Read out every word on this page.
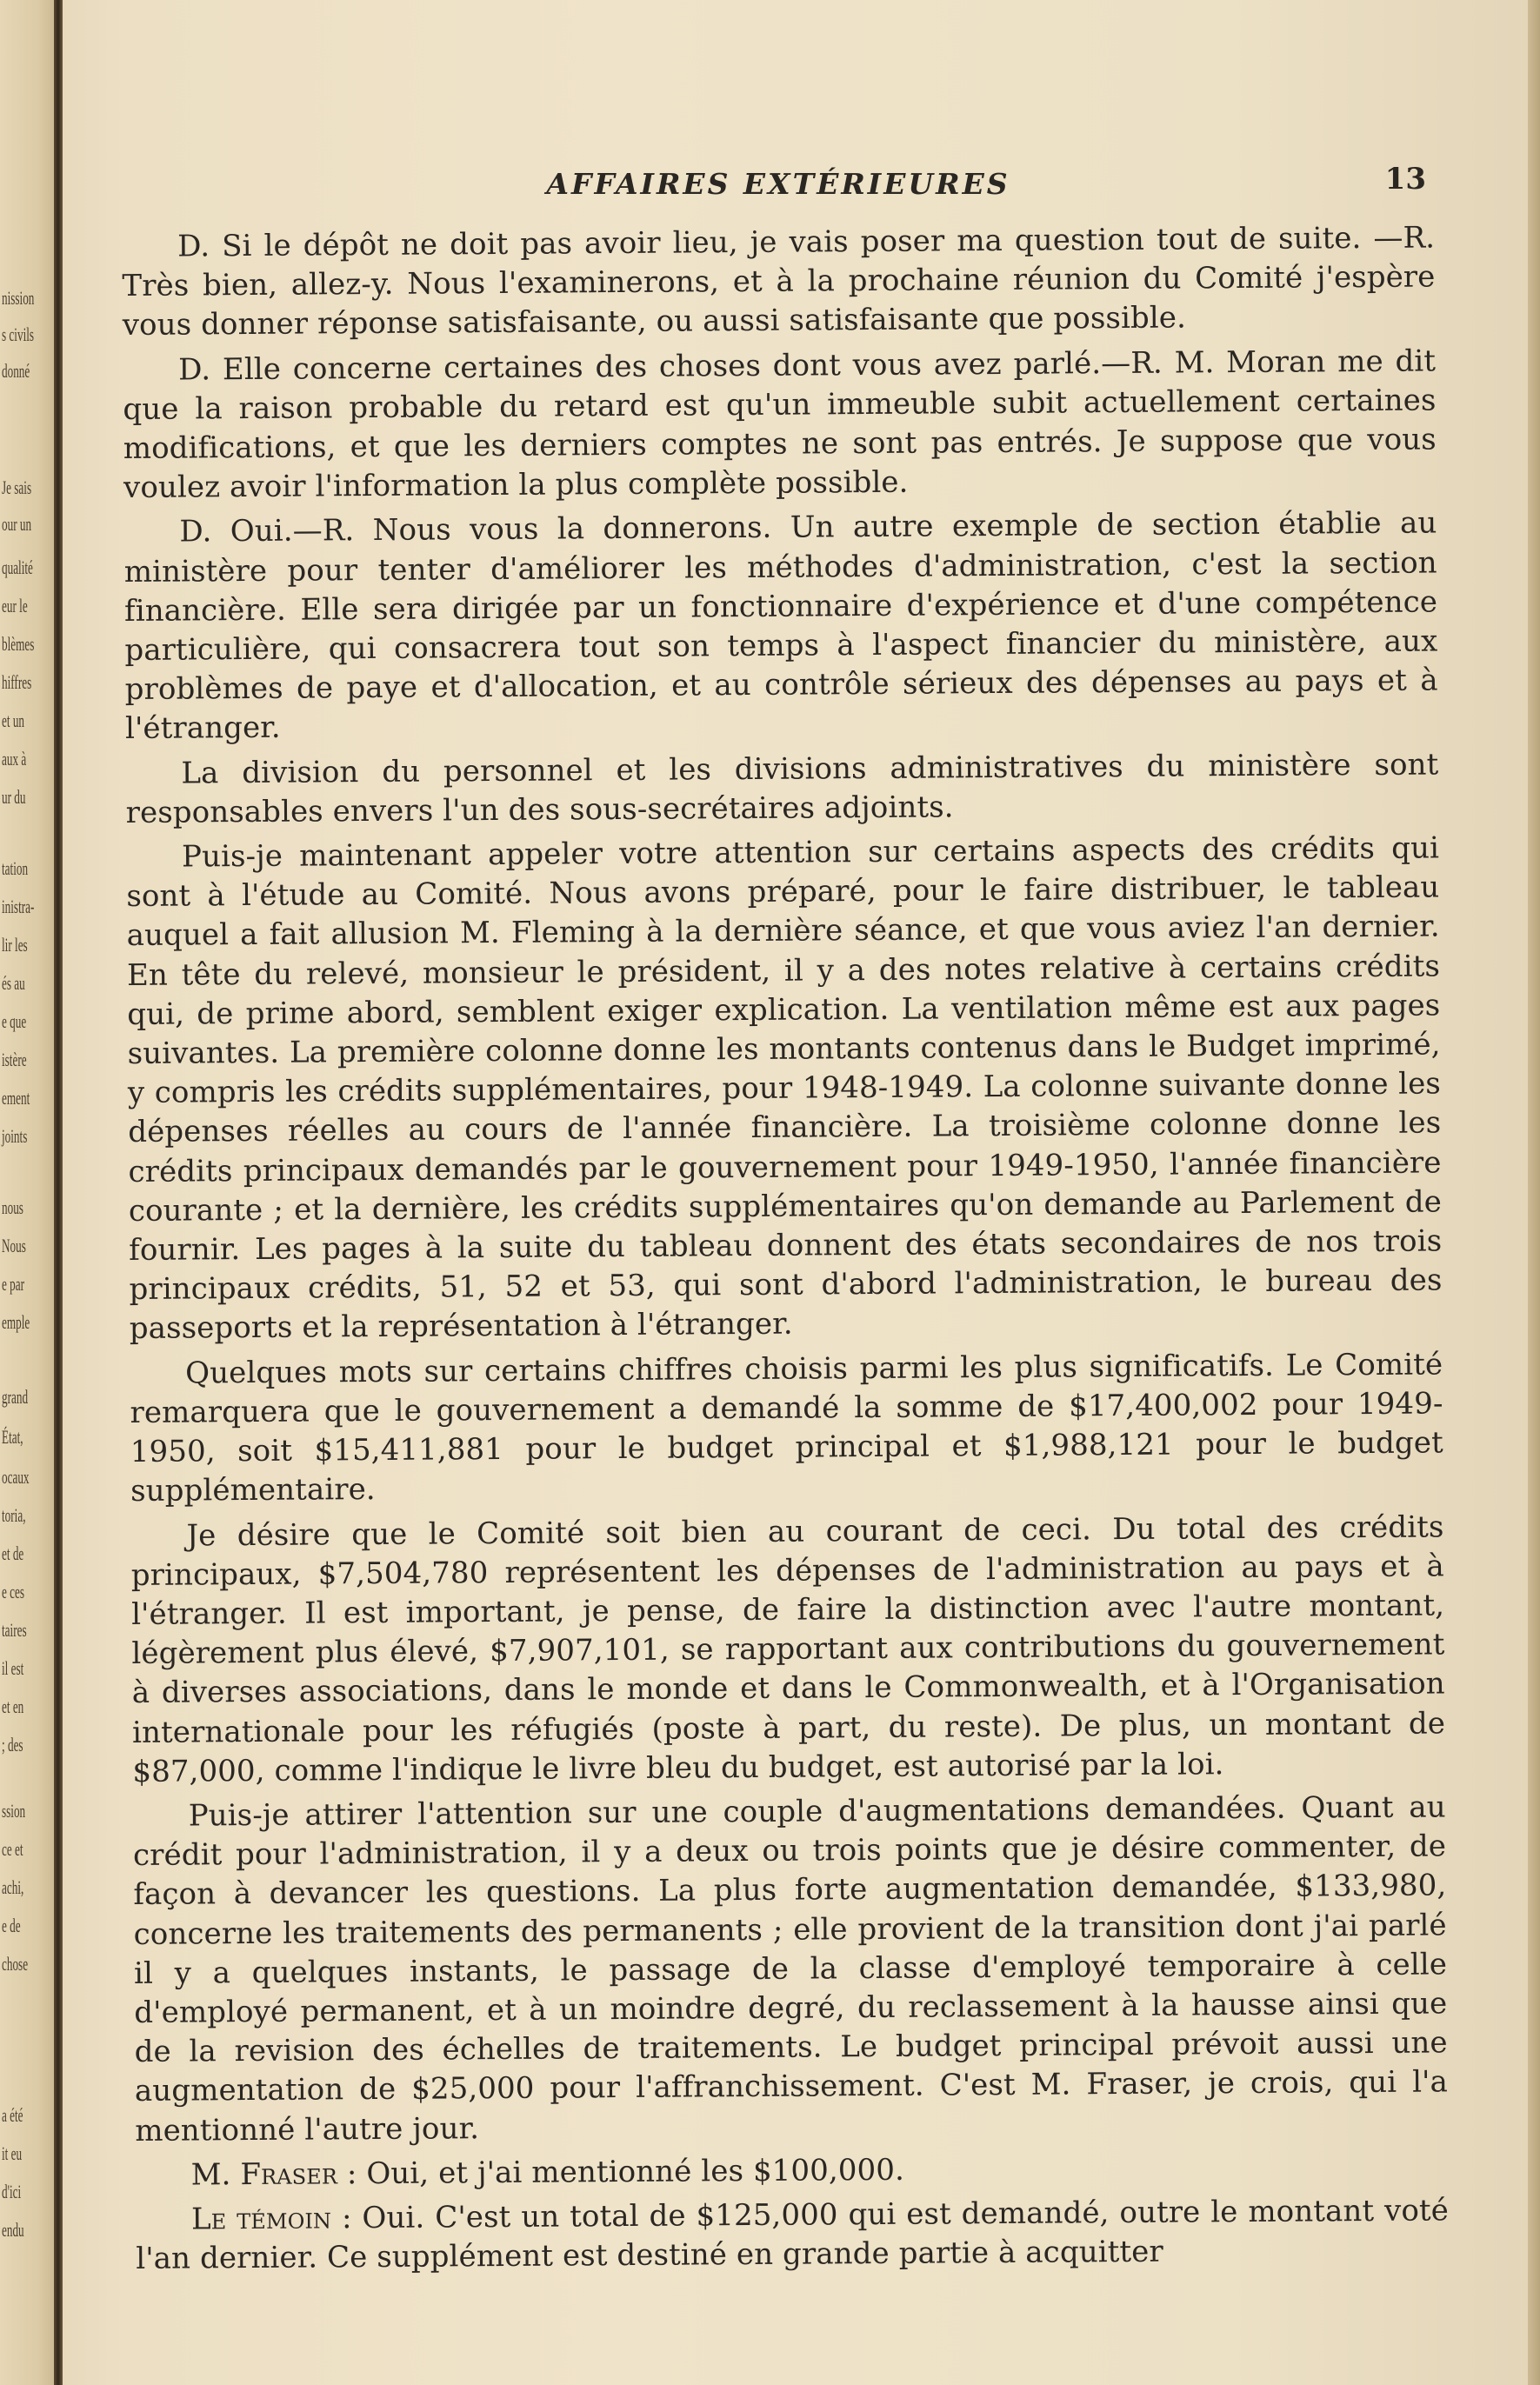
nission
s civils
donné
Je sais
our un
qualité
eur le
blèmes
hiffres
et un
aux à
ur du
tation
inistra-
lir les
és au
e que
istère
ement
joints
nous
Nous
e par
emple
grand
État,
ocaux
toria,
et de
e ces
taires
il est
et en
; des
ssion
ce et
achi,
e de
chose
a été
it eu
d'ici
endu
AFFAIRES EXTÉRIEURES	13

D. Si le dépôt ne doit pas avoir lieu, je vais poser ma question tout de suite. —R. Très bien, allez-y. Nous l'examinerons, et à la prochaine réunion du Comité j'espère vous donner réponse satisfaisante, ou aussi satisfaisante que possible.

D. Elle concerne certaines des choses dont vous avez parlé.—R. M. Moran me dit que la raison probable du retard est qu'un immeuble subit actuellement certaines modifications, et que les derniers comptes ne sont pas entrés. Je suppose que vous voulez avoir l'information la plus complète possible.

D. Oui.—R. Nous vous la donnerons. Un autre exemple de section établie au ministère pour tenter d'améliorer les méthodes d'administration, c'est la section financière. Elle sera dirigée par un fonctionnaire d'expérience et d'une compétence particulière, qui consacrera tout son temps à l'aspect financier du ministère, aux problèmes de paye et d'allocation, et au contrôle sérieux des dépenses au pays et à l'étranger.

La division du personnel et les divisions administratives du ministère sont responsables envers l'un des sous-secrétaires adjoints.

Puis-je maintenant appeler votre attention sur certains aspects des crédits qui sont à l'étude au Comité. Nous avons préparé, pour le faire distribuer, le tableau auquel a fait allusion M. Fleming à la dernière séance, et que vous aviez l'an dernier. En tête du relevé, monsieur le président, il y a des notes relative à certains crédits qui, de prime abord, semblent exiger explication. La ventilation même est aux pages suivantes. La première colonne donne les montants contenus dans le Budget imprimé, y compris les crédits supplémentaires, pour 1948-1949. La colonne suivante donne les dépenses réelles au cours de l'année financière. La troisième colonne donne les crédits principaux demandés par le gouvernement pour 1949-1950, l'année financière courante ; et la dernière, les crédits supplémentaires qu'on demande au Parlement de fournir. Les pages à la suite du tableau donnent des états secondaires de nos trois principaux crédits, 51, 52 et 53, qui sont d'abord l'administration, le bureau des passeports et la représentation à l'étranger.

Quelques mots sur certains chiffres choisis parmi les plus significatifs. Le Comité remarquera que le gouvernement a demandé la somme de $17,400,002 pour 1949-1950, soit $15,411,881 pour le budget principal et $1,988,121 pour le budget supplémentaire.

Je désire que le Comité soit bien au courant de ceci. Du total des crédits principaux, $7,504,780 représentent les dépenses de l'administration au pays et à l'étranger. Il est important, je pense, de faire la distinction avec l'autre montant, légèrement plus élevé, $7,907,101, se rapportant aux contributions du gouvernement à diverses associations, dans le monde et dans le Commonwealth, et à l'Organisation internationale pour les réfugiés (poste à part, du reste). De plus, un montant de $87,000, comme l'indique le livre bleu du budget, est autorisé par la loi.

Puis-je attirer l'attention sur une couple d'augmentations demandées. Quant au crédit pour l'administration, il y a deux ou trois points que je désire commenter, de façon à devancer les questions. La plus forte augmentation demandée, $133,980, concerne les traitements des permanents ; elle provient de la transition dont j'ai parlé il y a quelques instants, le passage de la classe d'employé temporaire à celle d'employé permanent, et à un moindre degré, du reclassement à la hausse ainsi que de la revision des échelles de traitements. Le budget principal prévoit aussi une augmentation de $25,000 pour l'affranchissement. C'est M. Fraser, je crois, qui l'a mentionné l'autre jour.

M. Fraser : Oui, et j'ai mentionné les $100,000.

Le témoin : Oui. C'est un total de $125,000 qui est demandé, outre le montant voté l'an dernier. Ce supplément est destiné en grande partie à acquitter
